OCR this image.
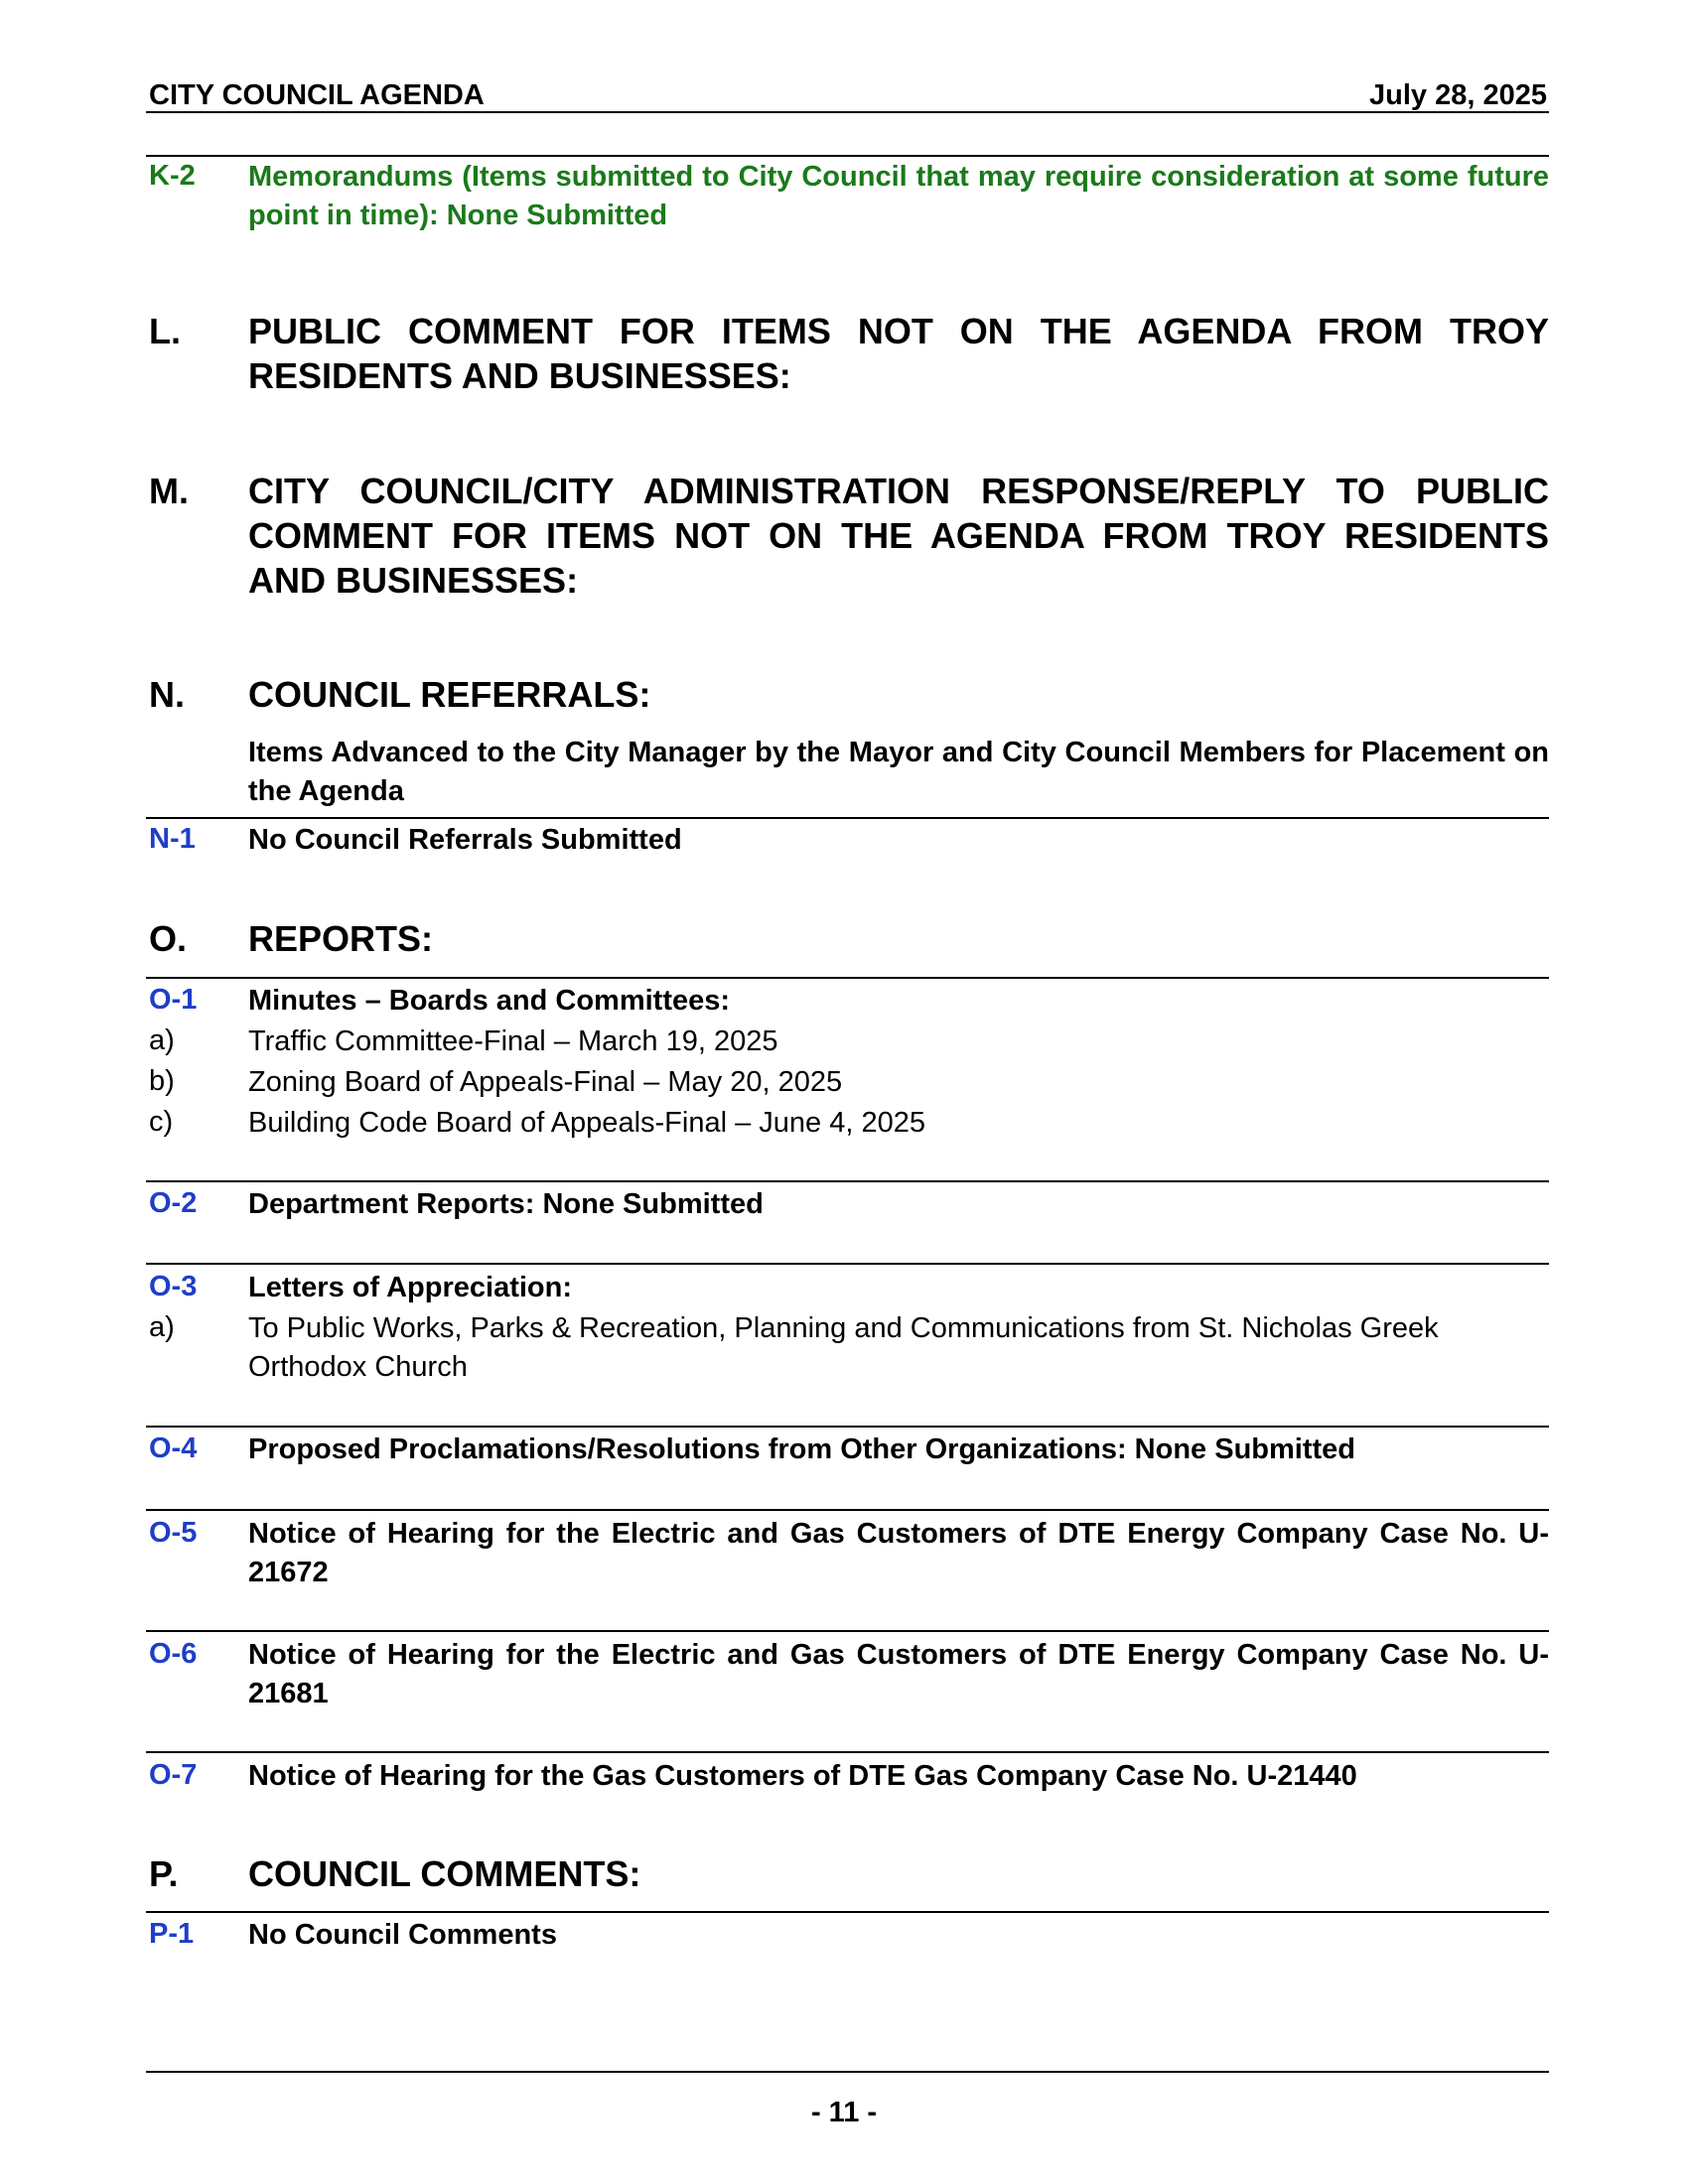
CITY COUNCIL AGENDA	July 28, 2025
K-2 Memorandums (Items submitted to City Council that may require consideration at some future point in time): None Submitted
L. PUBLIC COMMENT FOR ITEMS NOT ON THE AGENDA FROM TROY RESIDENTS AND BUSINESSES:
M. CITY COUNCIL/CITY ADMINISTRATION RESPONSE/REPLY TO PUBLIC COMMENT FOR ITEMS NOT ON THE AGENDA FROM TROY RESIDENTS AND BUSINESSES:
N. COUNCIL REFERRALS:
Items Advanced to the City Manager by the Mayor and City Council Members for Placement on the Agenda
N-1 No Council Referrals Submitted
O. REPORTS:
O-1 Minutes – Boards and Committees:
a)	Traffic Committee-Final – March 19, 2025
b)	Zoning Board of Appeals-Final – May 20, 2025
c)	Building Code Board of Appeals-Final – June 4, 2025
O-2 Department Reports: None Submitted
O-3 Letters of Appreciation:
a)	To Public Works, Parks & Recreation, Planning and Communications from St. Nicholas Greek Orthodox Church
O-4 Proposed Proclamations/Resolutions from Other Organizations: None Submitted
O-5 Notice of Hearing for the Electric and Gas Customers of DTE Energy Company Case No. U-21672
O-6 Notice of Hearing for the Electric and Gas Customers of DTE Energy Company Case No. U-21681
O-7 Notice of Hearing for the Gas Customers of DTE Gas Company Case No. U-21440
P. COUNCIL COMMENTS:
P-1 No Council Comments
- 11 -
